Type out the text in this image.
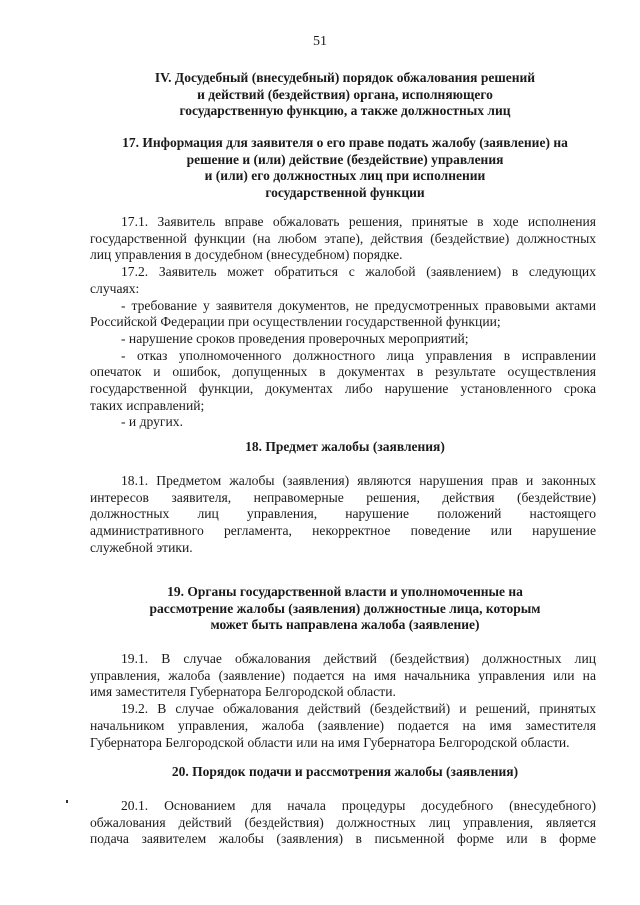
51
IV. Досудебный (внесудебный) порядок обжалования решений
и действий (бездействия) органа, исполняющего
государственную функцию, а также должностных лиц
17. Информация для заявителя о его праве подать жалобу (заявление) на
решение и (или) действие (бездействие) управления
и (или) его должностных лиц при исполнении
государственной функции
17.1. Заявитель вправе обжаловать решения, принятые в ходе исполнения
государственной функции (на любом этапе), действия (бездействие) должностных
лиц управления в досудебном (внесудебном) порядке.
17.2. Заявитель может обратиться с жалобой (заявлением) в следующих
случаях:
- требование у заявителя документов, не предусмотренных правовыми актами
Российской Федерации при осуществлении государственной функции;
- нарушение сроков проведения проверочных мероприятий;
- отказ уполномоченного должностного лица управления в исправлении
опечаток и ошибок, допущенных в документах в результате осуществления
государственной функции, документах либо нарушение установленного срока
таких исправлений;
- и других.
18. Предмет жалобы (заявления)
18.1. Предметом жалобы (заявления) являются нарушения прав и законных
интересов заявителя, неправомерные решения, действия (бездействие)
должностных лиц управления, нарушение положений настоящего
административного регламента, некорректное поведение или нарушение
служебной этики.
19. Органы государственной власти и уполномоченные на
рассмотрение жалобы (заявления) должностные лица, которым
может быть направлена жалоба (заявление)
19.1. В случае обжалования действий (бездействия) должностных лиц
управления, жалоба (заявление) подается на имя начальника управления или на
имя заместителя Губернатора Белгородской области.
19.2. В случае обжалования действий (бездействий) и решений, принятых
начальником управления, жалоба (заявление) подается на имя заместителя
Губернатора Белгородской области или на имя Губернатора Белгородской области.
20. Порядок подачи и рассмотрения жалобы (заявления)
20.1. Основанием для начала процедуры досудебного (внесудебного)
обжалования действий (бездействия) должностных лиц управления, является
подача заявителем жалобы (заявления) в письменной форме или в форме
